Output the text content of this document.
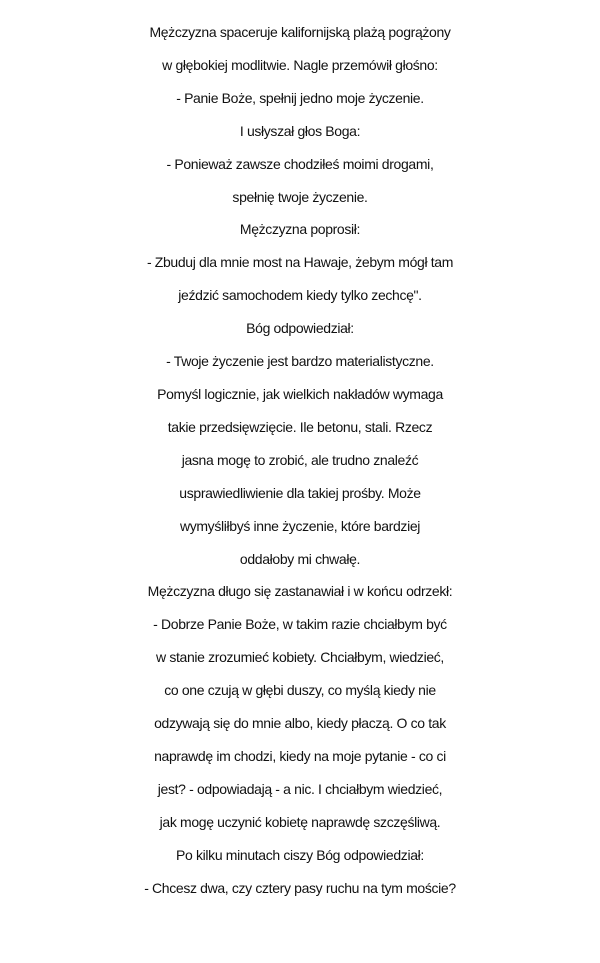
Mężczyzna spaceruje kalifornijską plażą pogrążony
w głębokiej modlitwie. Nagle przemówił głośno:
- Panie Boże, spełnij jedno moje życzenie.
I usłyszał głos Boga:
- Ponieważ zawsze chodziłeś moimi drogami,
spełnię twoje życzenie.
Mężczyzna poprosił:
- Zbuduj dla mnie most na Hawaje, żebym mógł tam
jeździć samochodem kiedy tylko zechcę".
Bóg odpowiedział:
- Twoje życzenie jest bardzo materialistyczne.
Pomyśl logicznie, jak wielkich nakładów wymaga
takie przedsięwzięcie. Ile betonu, stali. Rzecz
jasna mogę to zrobić, ale trudno znaleźć
usprawiedliwienie dla takiej prośby. Może
wymyśliłbyś inne życzenie, które bardziej
oddałoby mi chwałę.
Mężczyzna długo się zastanawiał i w końcu odrzekł:
- Dobrze Panie Boże, w takim razie chciałbym być
w stanie zrozumieć kobiety. Chciałbym, wiedzieć,
co one czują w głębi duszy, co myślą kiedy nie
odzywają się do mnie albo, kiedy płaczą. O co tak
naprawdę im chodzi, kiedy na moje pytanie - co ci
jest? - odpowiadają - a nic. I chciałbym wiedzieć,
jak mogę uczynić kobietę naprawdę szczęśliwą.
Po kilku minutach ciszy Bóg odpowiedział:
- Chcesz dwa, czy cztery pasy ruchu na tym moście?
